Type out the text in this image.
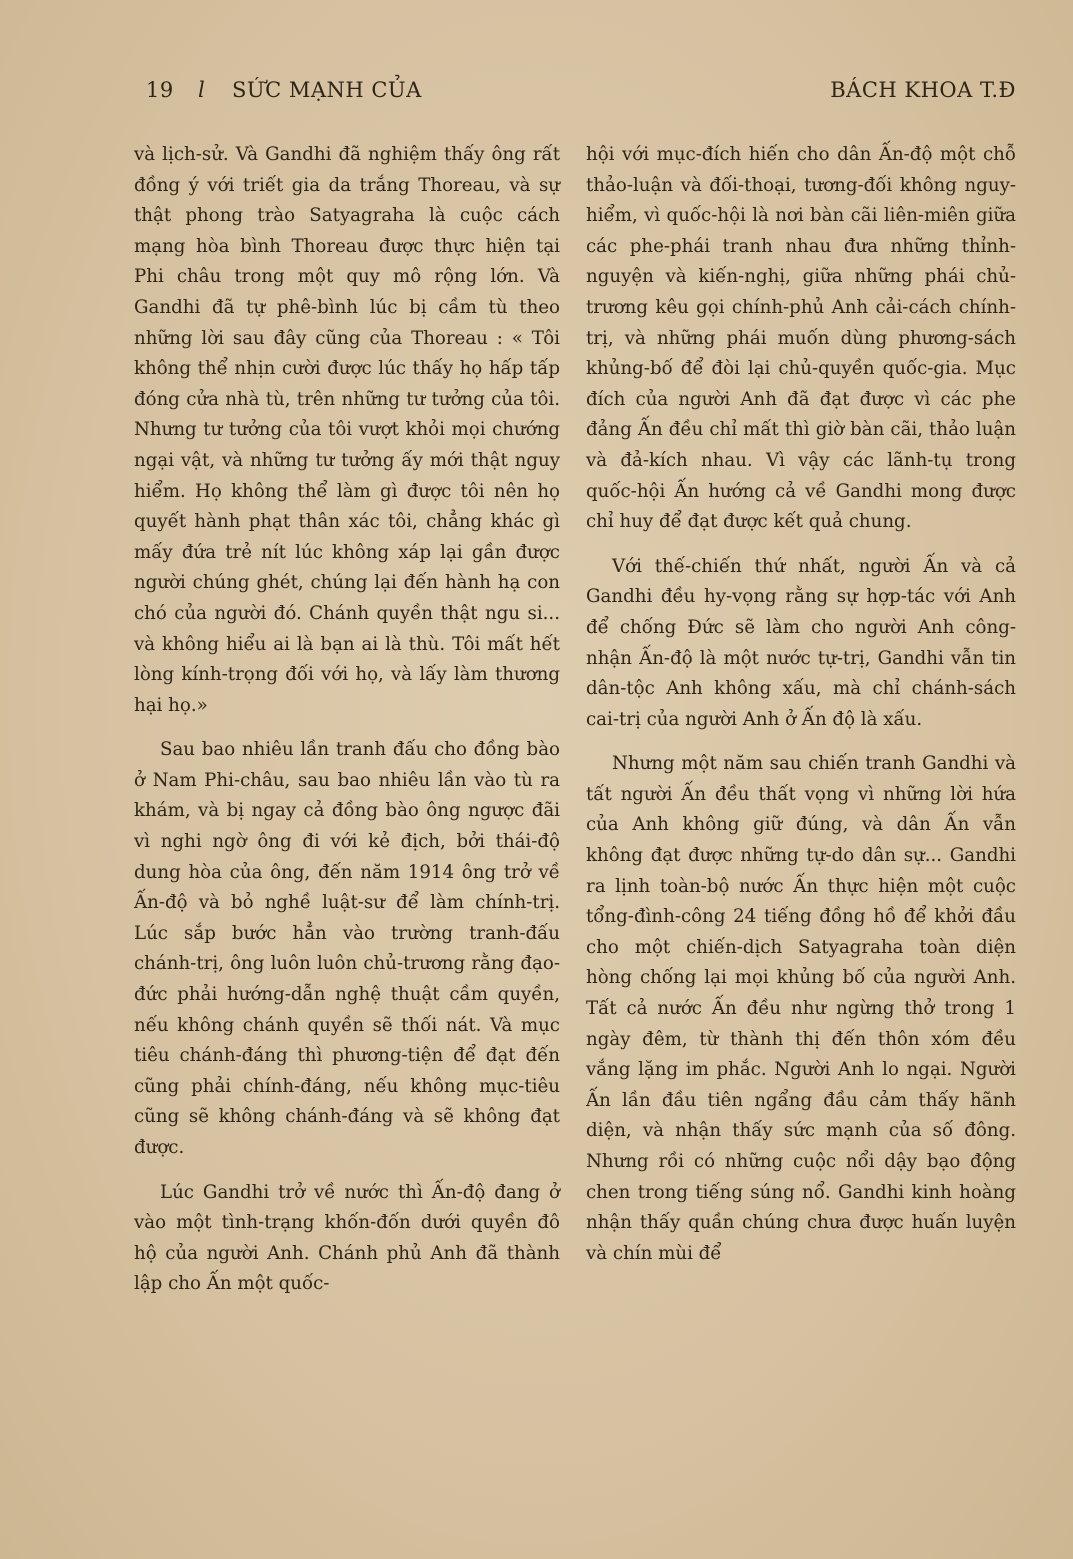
19 l SỨC MẠNH CỦA	BÁCH KHOA T.Đ

và lịch-sử. Và Gandhi đã nghiệm thấy ông rất đồng ý với triết gia da trắng Thoreau, và sự thật phong trào Satyagraha là cuộc cách mạng hòa bình Thoreau được thực hiện tại Phi châu trong một quy mô rộng lớn. Và Gandhi đã tự phê-bình lúc bị cầm tù theo những lời sau đây cũng của Thoreau : « Tôi không thể nhịn cười được lúc thấy họ hấp tấp đóng cửa nhà tù, trên những tư tưởng của tôi. Nhưng tư tưởng của tôi vượt khỏi mọi chướng ngại vật, và những tư tưởng ấy mới thật nguy hiểm. Họ không thể làm gì được tôi nên họ quyết hành phạt thân xác tôi, chẳng khác gì mấy đứa trẻ nít lúc không xáp lại gần được người chúng ghét, chúng lại đến hành hạ con chó của người đó. Chánh quyền thật ngu si... và không hiểu ai là bạn ai là thù. Tôi mất hết lòng kính-trọng đối với họ, và lấy làm thương hại họ.»

Sau bao nhiêu lần tranh đấu cho đồng bào ở Nam Phi-châu, sau bao nhiêu lần vào tù ra khám, và bị ngay cả đồng bào ông ngược đãi vì nghi ngờ ông đi với kẻ địch, bởi thái-độ dung hòa của ông, đến năm 1914 ông trở về Ấn-độ và bỏ nghề luật-sư để làm chính-trị. Lúc sắp bước hẳn vào trường tranh-đấu chánh-trị, ông luôn luôn chủ-trương rằng đạo-đức phải hướng-dẫn nghệ thuật cầm quyền, nếu không chánh quyền sẽ thối nát. Và mục tiêu chánh-đáng thì phương-tiện để đạt đến cũng phải chính-đáng, nếu không mục-tiêu cũng sẽ không chánh-đáng và sẽ không đạt được.

Lúc Gandhi trở về nước thì Ấn-độ đang ở vào một tình-trạng khốn-đốn dưới quyền đô hộ của người Anh. Chánh phủ Anh đã thành lập cho Ấn một quốc-

hội với mục-đích hiến cho dân Ấn-độ một chỗ thảo-luận và đối-thoại, tương-đối không nguy-hiểm, vì quốc-hội là nơi bàn cãi liên-miên giữa các phe-phái tranh nhau đưa những thỉnh-nguyện và kiến-nghị, giữa những phái chủ-trương kêu gọi chính-phủ Anh cải-cách chính-trị, và những phái muốn dùng phương-sách khủng-bố để đòi lại chủ-quyền quốc-gia. Mục đích của người Anh đã đạt được vì các phe đảng Ấn đều chỉ mất thì giờ bàn cãi, thảo luận và đả-kích nhau. Vì vậy các lãnh-tụ trong quốc-hội Ấn hướng cả về Gandhi mong được chỉ huy để đạt được kết quả chung.

Với thế-chiến thứ nhất, người Ấn và cả Gandhi đều hy-vọng rằng sự hợp-tác với Anh để chống Đức sẽ làm cho người Anh công-nhận Ấn-độ là một nước tự-trị, Gandhi vẫn tin dân-tộc Anh không xấu, mà chỉ chánh-sách cai-trị của người Anh ở Ấn độ là xấu.

Nhưng một năm sau chiến tranh Gandhi và tất người Ấn đều thất vọng vì những lời hứa của Anh không giữ đúng, và dân Ấn vẫn không đạt được những tự-do dân sự... Gandhi ra lịnh toàn-bộ nước Ấn thực hiện một cuộc tổng-đình-công 24 tiếng đồng hồ để khởi đầu cho một chiến-dịch Satyagraha toàn diện hòng chống lại mọi khủng bố của người Anh. Tất cả nước Ấn đều như ngừng thở trong 1 ngày đêm, từ thành thị đến thôn xóm đều vắng lặng im phắc. Người Anh lo ngại. Người Ấn lần đầu tiên ngẩng đầu cảm thấy hãnh diện, và nhận thấy sức mạnh của số đông. Nhưng rồi có những cuộc nổi dậy bạo động chen trong tiếng súng nổ. Gandhi kinh hoàng nhận thấy quần chúng chưa được huấn luyện và chín mùi để
